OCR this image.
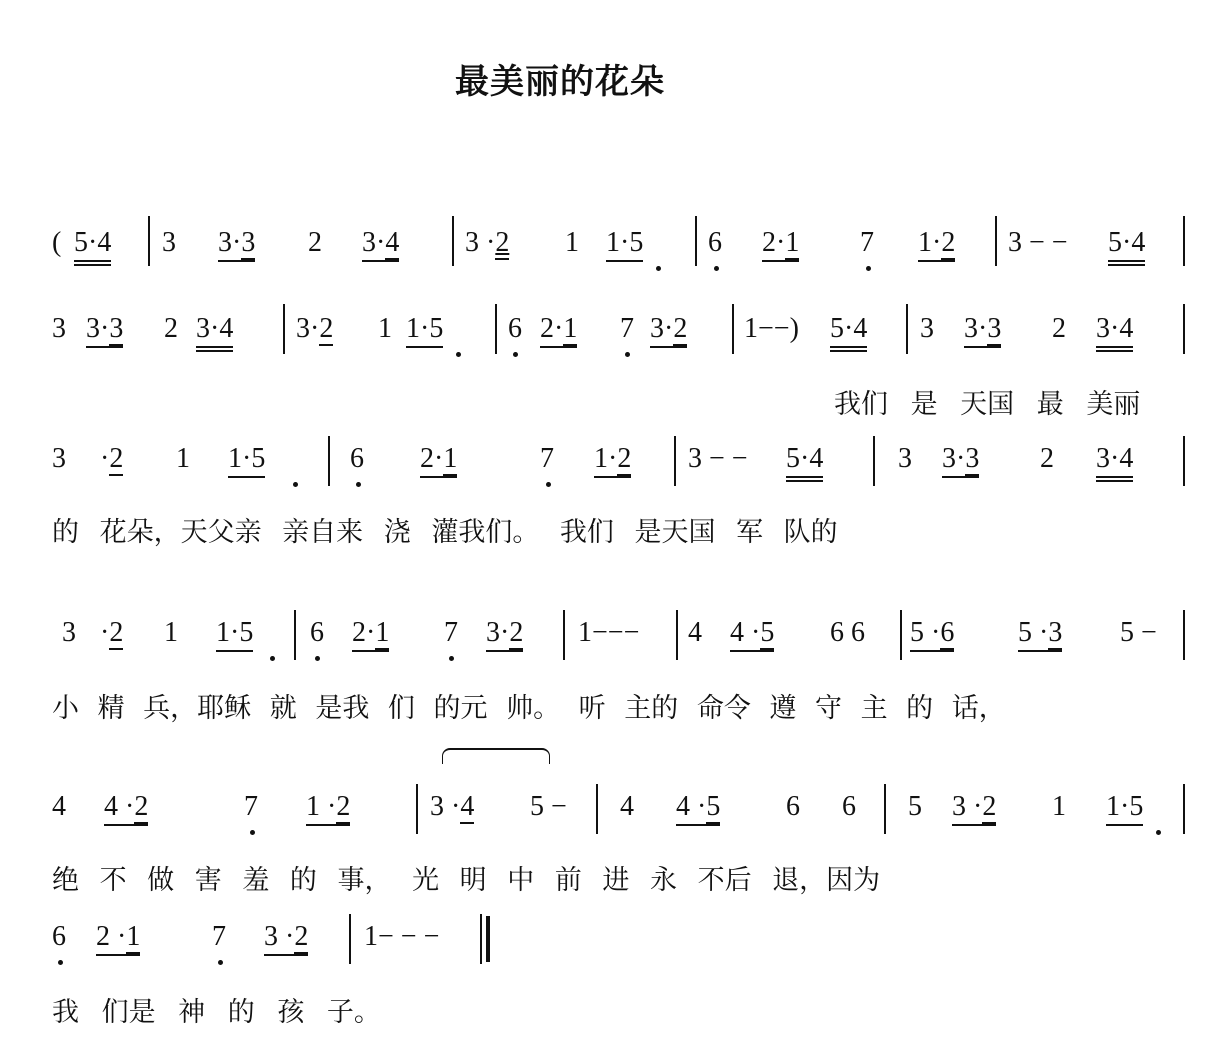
最美丽的花朵
( 5·4 3 3·3 2 3·4 3 ·2 1 1·5 6 2·1 7 1·2 3 − − 5·4
3 3·3 2 3·4 3·2 1 1·5 6 2·1 7 3·2 1−−) 5·4 3 3·3 2 3·4
我们 是 天国 最 美丽
3 ·2 1 1·5	6 2·1	7 1·2 3 − − 5·4	3 3·3 2 3·4
的 花朵，天父亲 亲自来 浇 灌我们。 我们 是天国 军 队的
3 ·2 1 1·5 6 2·1 7 3·2 1−−− 4 4 ·5 6 6 5 ·6 5 ·3 5 −
小 精 兵，耶稣 就 是我 们 的元 帅。 听 主的 命令 遵 守 主 的 话，
4 4 ·2	7 1 ·2	3 ·4 5 − 4 4 ·5 6 6 5 3 ·2 1 1·5
绝 不 做 害 羞 的 事， 光 明 中 前 进 永 不后 退，因为
6 2 ·1	7 3 ·2 1− − −
我 们是 神 的 孩 子。
